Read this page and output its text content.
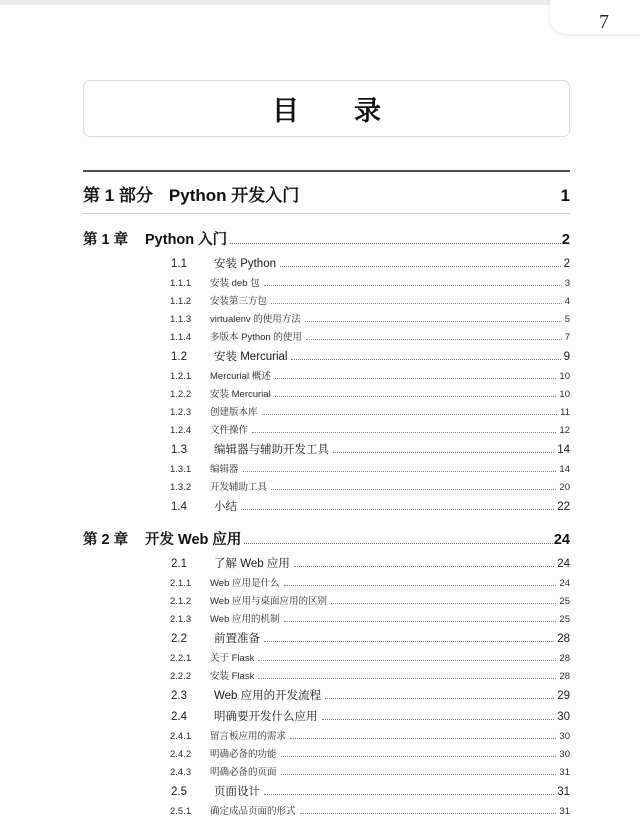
7
目　录
第 1 部分 Python 开发入门	1
第 1 章	Python 入门	2
1.1 安装 Python	2
1.1.1	安装 deb 包	3
1.1.2	安装第三方包	4
1.1.3	virtualenv 的使用方法	5
1.1.4	多版本 Python 的使用	7
1.2 安装 Mercurial	9
1.2.1	Mercurial 概述	10
1.2.2	安装 Mercurial	10
1.2.3	创建版本库	11
1.2.4	文件操作	12
1.3 编辑器与辅助开发工具	14
1.3.1	编辑器	14
1.3.2	开发辅助工具	20
1.4 小结	22
第 2 章	开发 Web 应用	24
2.1 了解 Web 应用	24
2.1.1	Web 应用是什么	24
2.1.2	Web 应用与桌面应用的区别	25
2.1.3	Web 应用的机制	25
2.2 前置准备	28
2.2.1	关于 Flask	28
2.2.2	安装 Flask	28
2.3 Web 应用的开发流程	29
2.4 明确要开发什么应用	30
2.4.1	留言板应用的需求	30
2.4.2	明确必备的功能	30
2.4.3	明确必备的页面	31
2.5 页面设计	31
2.5.1	确定成品页面的形式	31
